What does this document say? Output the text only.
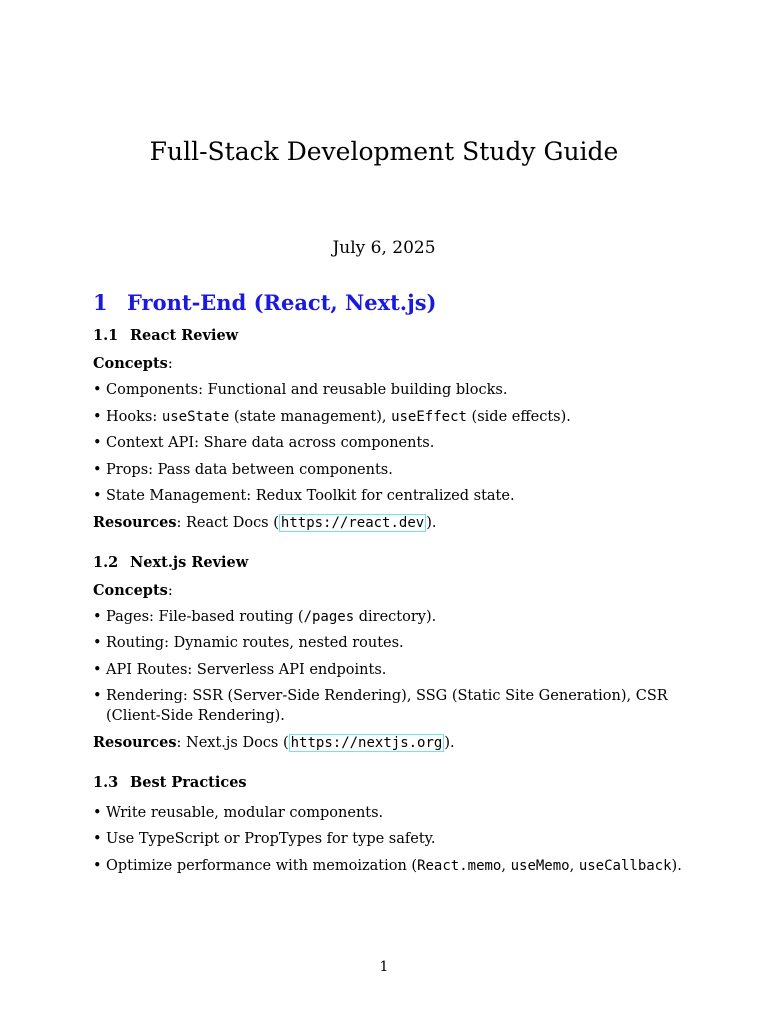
Full-Stack Development Study Guide
July 6, 2025
1 Front-End (React, Next.js)
1.1 React Review
Concepts:
• Components: Functional and reusable building blocks.
• Hooks: useState (state management), useEffect (side effects).
• Context API: Share data across components.
• Props: Pass data between components.
• State Management: Redux Toolkit for centralized state.
Resources: React Docs ( https://react.dev ).
1.2 Next.js Review
Concepts:
• Pages: File-based routing (/pages directory).
• Routing: Dynamic routes, nested routes.
• API Routes: Serverless API endpoints.
• Rendering: SSR (Server-Side Rendering), SSG (Static Site Generation), CSR (Client-Side Rendering).
Resources: Next.js Docs ( https://nextjs.org ).
1.3 Best Practices
• Write reusable, modular components.
• Use TypeScript or PropTypes for type safety.
• Optimize performance with memoization (React.memo, useMemo, useCallback).
1
